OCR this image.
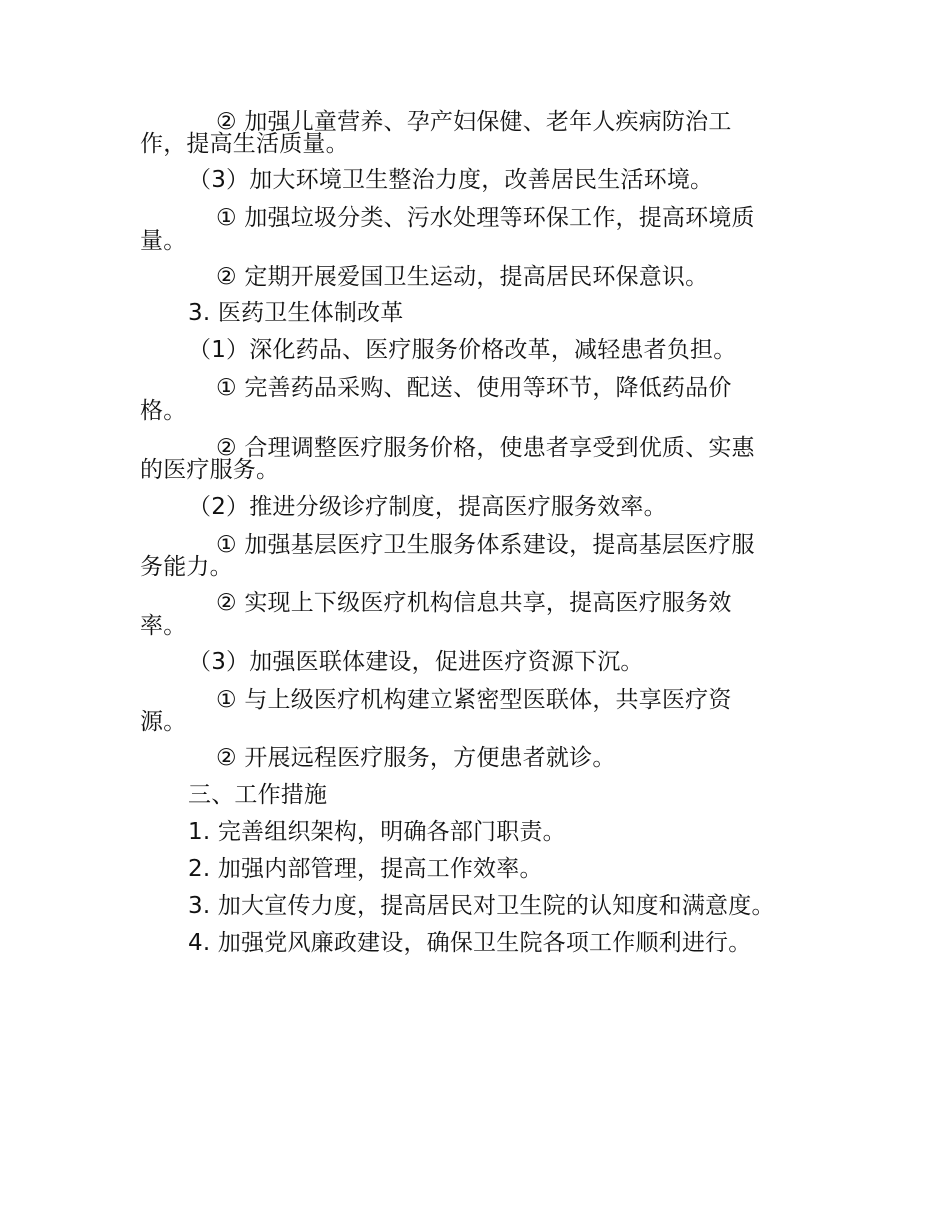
② 加强儿童营养、孕产妇保健、老年人疾病防治工
作，提高生活质量。
（3）加大环境卫生整治力度，改善居民生活环境。
① 加强垃圾分类、污水处理等环保工作，提高环境质
量。
② 定期开展爱国卫生运动，提高居民环保意识。
3. 医药卫生体制改革
（1）深化药品、医疗服务价格改革，减轻患者负担。
① 完善药品采购、配送、使用等环节，降低药品价
格。
② 合理调整医疗服务价格，使患者享受到优质、实惠
的医疗服务。
（2）推进分级诊疗制度，提高医疗服务效率。
① 加强基层医疗卫生服务体系建设，提高基层医疗服
务能力。
② 实现上下级医疗机构信息共享，提高医疗服务效
率。
（3）加强医联体建设，促进医疗资源下沉。
① 与上级医疗机构建立紧密型医联体，共享医疗资
源。
② 开展远程医疗服务，方便患者就诊。
三、工作措施
1. 完善组织架构，明确各部门职责。
2. 加强内部管理，提高工作效率。
3. 加大宣传力度，提高居民对卫生院的认知度和满意度。
4. 加强党风廉政建设，确保卫生院各项工作顺利进行。
